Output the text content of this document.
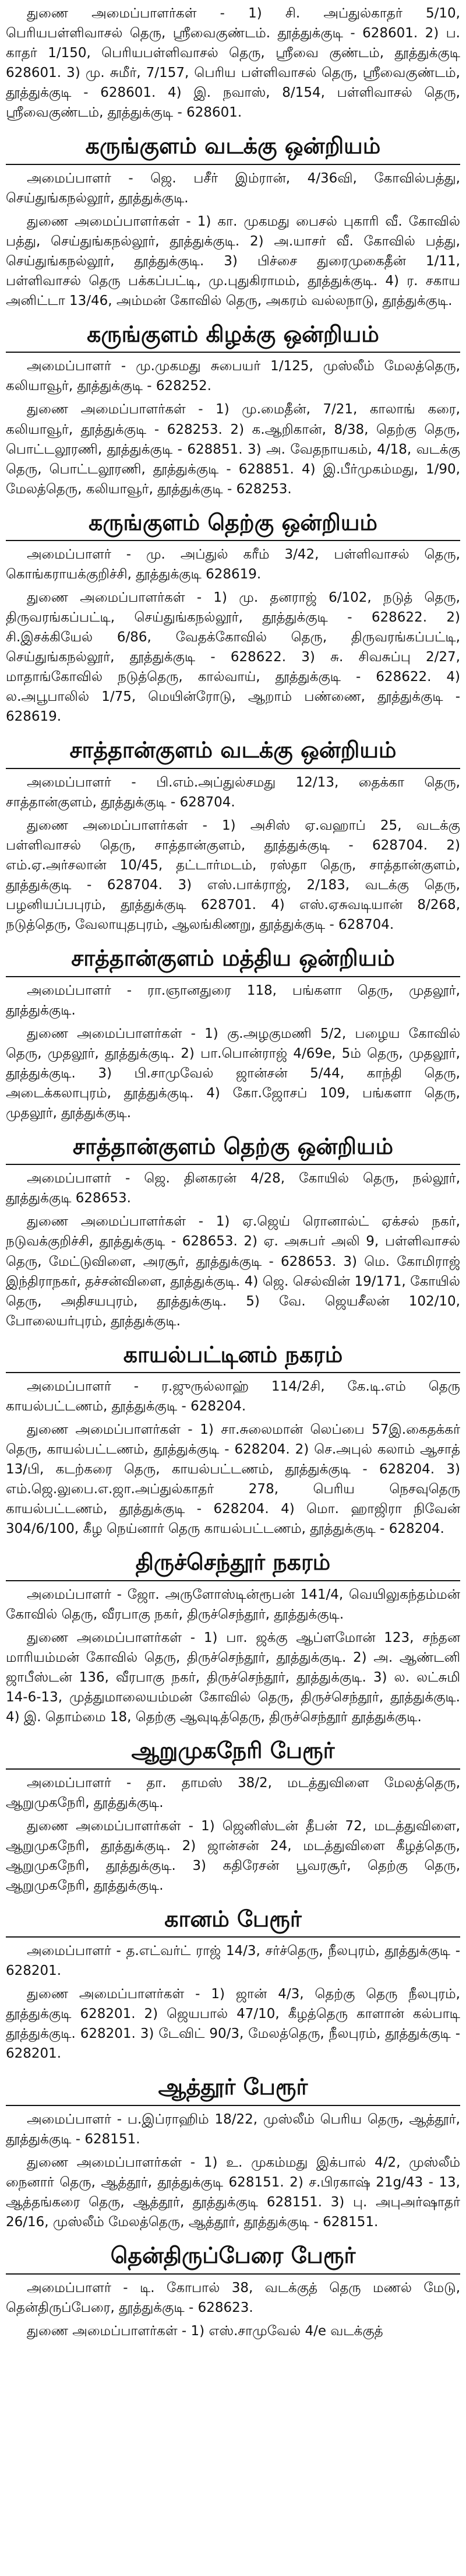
துணை அமைப்பாளர்கள் - 1) சி. அப்துல்காதர் 5/10, பெரியபள்ளிவாசல் தெரு, ஸ்ரீவைகுண்டம். தூத்துக்குடி - 628601. 2) ப. காதர் 1/150, பெரியபள்ளிவாசல் தெரு, ஸ்ரீவை குண்டம், தூத்துக்குடி 628601. 3) மு. சுமீர், 7/157, பெரிய பள்ளிவாசல் தெரு, ஸ்ரீவைகுண்டம், தூத்துக்குடி - 628601. 4) இ. நவாஸ், 8/154, பள்ளிவாசல் தெரு, ஸ்ரீவைகுண்டம், தூத்துக்குடி - 628601.

கருங்குளம் வடக்கு ஒன்றியம்

அமைப்பாளர் - ஜெ. பசீர் இம்ரான், 4/36வி, கோவில்பத்து, செய்துங்கநல்லூர், தூத்துக்குடி.

துணை அமைப்பாளர்கள் - 1) கா. முகமது பைசல் புகாரி வீ. கோவில் பத்து, செய்துங்கநல்லூர், தூத்துக்குடி. 2) அ.யாசர் வீ. கோவில் பத்து, செய்துங்கநல்லூர், தூத்துக்குடி. 3) பிச்சை துரைமுகைதீன் 1/11, பள்ளிவாசல் தெரு பக்கப்பட்டி, மு.புதுகிராமம், தூத்துக்குடி. 4) ர. சகாய அனிட்டா 13/46, அம்மன் கோவில் தெரு, அகரம் வல்லநாடு, தூத்துக்குடி.

கருங்குளம் கிழக்கு ஒன்றியம்

அமைப்பாளர் - மு.முகமது சுபையர் 1/125, முஸ்லீம் மேலத்தெரு, கலியாவூர், தூத்துக்குடி - 628252.

துணை அமைப்பாளர்கள் - 1) மு.மைதீன், 7/21, காலாங் கரை, கலியாவூர், தூத்துக்குடி - 628253. 2) க.ஆறிகான், 8/38, தெற்கு தெரு, பொட்டலூரணி, தூத்துக்குடி - 628851. 3) அ. வேதநாயகம், 4/18, வடக்கு தெரு, பொட்டலூரணி, தூத்துக்குடி - 628851. 4) இ.பீர்முகம்மது, 1/90, மேலத்தெரு, கலியாவூர், தூத்துக்குடி - 628253.

கருங்குளம் தெற்கு ஒன்றியம்

அமைப்பாளர் - மு. அப்துல் கரீம் 3/42, பள்ளிவாசல் தெரு, கொங்கராயக்குறிச்சி, தூத்துக்குடி 628619.

துணை அமைப்பாளர்கள் - 1) மு. தனராஜ் 6/102, நடுத் தெரு, திருவரங்கப்பட்டி, செய்துங்கநல்லூர், தூத்துக்குடி - 628622. 2) சி.இசக்கியேல் 6/86, வேதக்கோவில் தெரு, திருவரங்கப்பட்டி, செய்துங்கநல்லூர், தூத்துக்குடி - 628622. 3) சு. சிவசுப்பு 2/27, மாதாங்கோவில் நடுத்தெரு, கால்வாய், தூத்துக்குடி - 628622. 4) ல.அபூபாலில் 1/75, மெயின்ரோடு, ஆறாம் பண்ணை, தூத்துக்குடி - 628619.

சாத்தான்குளம் வடக்கு ஒன்றியம்

அமைப்பாளர் - பி.எம்.அப்துல்சமது 12/13, தைக்கா தெரு, சாத்தான்குளம், தூத்துக்குடி - 628704.

துணை அமைப்பாளர்கள் - 1) அசிஸ் ஏ.வஹாப் 25, வடக்கு பள்ளிவாசல் தெரு, சாத்தான்குளம், தூத்துக்குடி - 628704. 2) எம்.ஏ.அர்சலான் 10/45, தட்டார்மடம், ரஸ்தா தெரு, சாத்தான்குளம், தூத்துக்குடி - 628704. 3) எஸ்.பாக்ராஜ், 2/183, வடக்கு தெரு, பழனியப்பபுரம், தூத்துக்குடி 628701. 4) எஸ்.ஏசுவடியான் 8/268, நடுத்தெரு, வேலாயுதபுரம், ஆலங்கிணறு, தூத்துக்குடி - 628704.

சாத்தான்குளம் மத்திய ஒன்றியம்

அமைப்பாளர் - ரா.ஞானதுரை 118, பங்களா தெரு, முதலூர், தூத்துக்குடி.

துணை அமைப்பாளர்கள் - 1) கு.அழகுமணி 5/2, பழைய கோவில் தெரு, முதலூர், தூத்துக்குடி. 2) பா.பொன்ராஜ் 4/69e, 5ம் தெரு, முதலூர், தூத்துக்குடி. 3) பி.சாமுவேல் ஜான்சன் 5/44, காந்தி தெரு, அடைக்கலாபுரம், தூத்துக்குடி. 4) கோ.ஜோசப் 109, பங்களா தெரு, முதலூர், தூத்துக்குடி.

சாத்தான்குளம் தெற்கு ஒன்றியம்

அமைப்பாளர் - ஜெ. தினகரன் 4/28, கோயில் தெரு, நல்லூர், தூத்துக்குடி 628653.

துணை அமைப்பாளர்கள் - 1) ஏ.ஜெய் ரொனால்ட் ஏக்சல் நகர், நடுவக்குறிச்சி, தூத்துக்குடி - 628653. 2) ஏ. அசுபர் அலி 9, பள்ளிவாசல் தெரு, மேட்டுவிளை, அரசூர், தூத்துக்குடி - 628653. 3) மெ. கோமிராஜ் இந்திராநகர், தச்சன்விளை, தூத்துக்குடி. 4) ஜெ. செல்வின் 19/171, கோயில் தெரு, அதிசயபுரம், தூத்துக்குடி. 5) வே. ஜெயசீலன் 102/10, போலையர்புரம், தூத்துக்குடி.

காயல்பட்டினம் நகரம்

அமைப்பாளர் - ர.ஜுருல்லாஹ் 114/2சி, கே.டி.எம் தெரு காயல்பட்டணம், தூத்துக்குடி - 628204.

துணை அமைப்பாளர்கள் - 1) சா.சுலைமான் லெப்பை 57இ.கைதக்கர் தெரு, காயல்பட்டணம், தூத்துக்குடி - 628204. 2) செ.அபுல் கலாம் ஆசாத் 13/பி, கடற்கரை தெரு, காயல்பட்டணம், தூத்துக்குடி - 628204. 3) எம்.ஜெ.லுபை.எ.ஜா.அப்துல்காதர் 278, பெரிய நெசவுதெரு காயல்பட்டணம், தூத்துக்குடி - 628204. 4) மொ. ஹாஜிரா நிவேன் 304/6/100, கீழ நெய்னார் தெரு காயல்பட்டணம், தூத்துக்குடி - 628204.

திருச்செந்தூர் நகரம்

அமைப்பாளர் - ஜோ. அருளோஸ்டின்ரூபன் 141/4, வெயிலுகந்தம்மன் கோவில் தெரு, வீரபாகு நகர், திருச்செந்தூர், தூத்துக்குடி.

துணை அமைப்பாளர்கள் - 1) பா. ஜக்கு ஆப்ளமோன் 123, சந்தன மாரியம்மன் கோவில் தெரு, திருச்செந்தூர், தூத்துக்குடி. 2) அ. ஆண்டனி ஜாபீஸ்டன் 136, வீரபாகு நகர், திருச்செந்தூர், தூத்துக்குடி. 3) ல. லட்சுமி 14-6-13, முத்துமாலையம்மன் கோவில் தெரு, திருச்செந்தூர், தூத்துக்குடி. 4) இ. தொம்மை 18, தெற்கு ஆவுடித்தெரு, திருச்செந்தூர் தூத்துக்குடி.

ஆறுமுகநேரி பேரூர்

அமைப்பாளர் - தா. தாமஸ் 38/2, மடத்துவிளை மேலத்தெரு, ஆறுமுகநேரி, தூத்துக்குடி.

துணை அமைப்பாளர்கள் - 1) ஜெனிஸ்டன் தீபன் 72, மடத்துவிளை, ஆறுமுகநேரி, தூத்துக்குடி. 2) ஜான்சன் 24, மடத்துவிளை கீழத்தெரு, ஆறுமுகநேரி, தூத்துக்குடி. 3) கதிரேசன் பூவரசூர், தெற்கு தெரு, ஆறுமுகநேரி, தூத்துக்குடி.

கானம் பேரூர்

அமைப்பாளர் - த.எட்வர்ட் ராஜ் 14/3, சர்ச்தெரு, நீலபுரம், தூத்துக்குடி - 628201.

துணை அமைப்பாளர்கள் - 1) ஜான் 4/3, தெற்கு தெரு நீலபுரம், தூத்துக்குடி 628201. 2) ஜெயபால் 47/10, கீழத்தெரு காளான் கல்பாடி தூத்துக்குடி. 628201. 3) டேவிட் 90/3, மேலத்தெரு, நீலபுரம், தூத்துக்குடி - 628201.

ஆத்தூர் பேரூர்

அமைப்பாளர் - ப.இப்ராஹிம் 18/22, முஸ்லீம் பெரிய தெரு, ஆத்தூர், தூத்துக்குடி - 628151.

துணை அமைப்பாளர்கள் - 1) உ. முகம்மது இக்பால் 4/2, முஸ்லீம் நைனார் தெரு, ஆத்தூர், தூத்துக்குடி 628151. 2) ச.பிரகாஷ் 21g/43 - 13, ஆத்தங்கரை தெரு, ஆத்தூர், தூத்துக்குடி 628151. 3) பு. அபுஅர்ஷாதர் 26/16, முஸ்லீம் மேலத்தெரு, ஆத்தூர், தூத்துக்குடி - 628151.

தென்திருப்பேரை பேரூர்

அமைப்பாளர் - டி. கோபால் 38, வடக்குத் தெரு மணல் மேடு, தென்திருப்பேரை, தூத்துக்குடி - 628623.

துணை அமைப்பாளர்கள் - 1) எஸ்.சாமுவேல் 4/e வடக்குத்
